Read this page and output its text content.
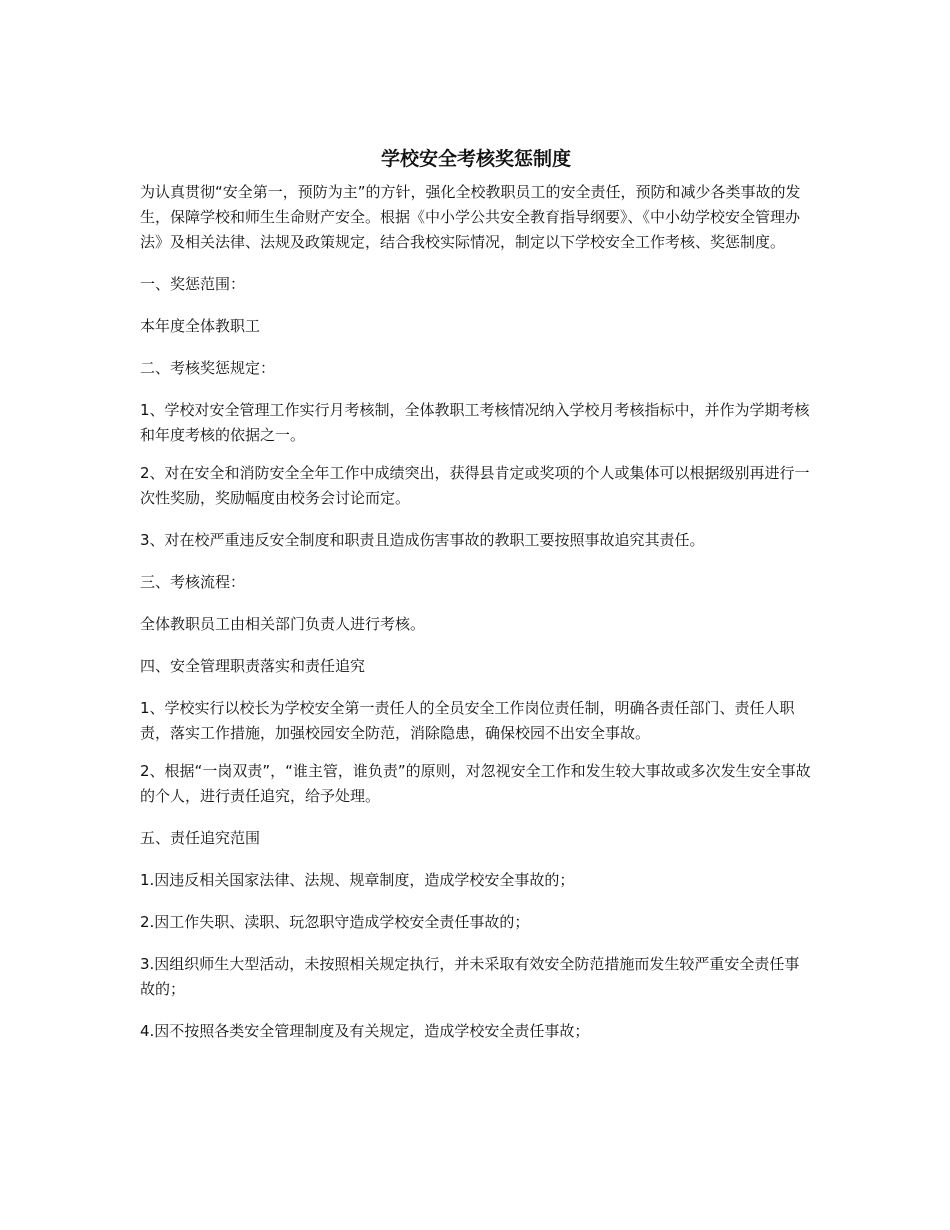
学校安全考核奖惩制度

为认真贯彻“安全第一，预防为主”的方针，强化全校教职员工的安全责任，预防和减少各类事故的发生，保障学校和师生生命财产安全。根据《中小学公共安全教育指导纲要》、《中小幼学校安全管理办法》及相关法律、法规及政策规定，结合我校实际情况，制定以下学校安全工作考核、奖惩制度。

一、奖惩范围：

本年度全体教职工

二、考核奖惩规定：

1、学校对安全管理工作实行月考核制，全体教职工考核情况纳入学校月考核指标中，并作为学期考核和年度考核的依据之一。

2、对在安全和消防安全全年工作中成绩突出，获得县肯定或奖项的个人或集体可以根据级别再进行一次性奖励，奖励幅度由校务会讨论而定。

3、对在校严重违反安全制度和职责且造成伤害事故的教职工要按照事故追究其责任。

三、考核流程：

全体教职员工由相关部门负责人进行考核。

四、安全管理职责落实和责任追究

1、学校实行以校长为学校安全第一责任人的全员安全工作岗位责任制，明确各责任部门、责任人职责，落实工作措施，加强校园安全防范，消除隐患，确保校园不出安全事故。

2、根据“一岗双责”，“谁主管，谁负责”的原则，对忽视安全工作和发生较大事故或多次发生安全事故的个人，进行责任追究，给予处理。

五、责任追究范围

1.因违反相关国家法律、法规、规章制度，造成学校安全事故的；

2.因工作失职、渎职、玩忽职守造成学校安全责任事故的；

3.因组织师生大型活动，未按照相关规定执行，并未采取有效安全防范措施而发生较严重安全责任事故的；

4.因不按照各类安全管理制度及有关规定，造成学校安全责任事故；
